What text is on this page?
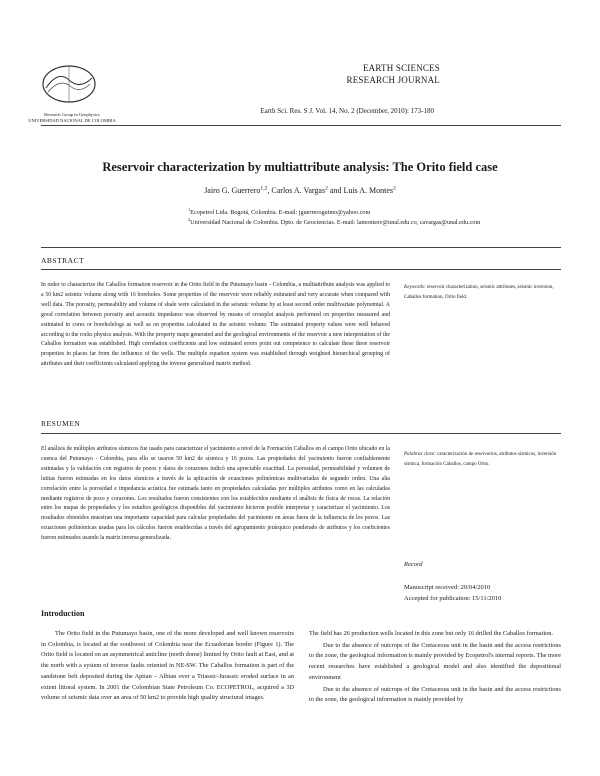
Research Group in Geophysics
UNIVERSIDAD NACIONAL DE COLOMBIA
EARTH SCIENCES
RESEARCH JOURNAL
Earth Sci. Res. S J. Vol. 14, No. 2 (December, 2010): 173-180
Reservoir characterization by multiattribute analysis: The Orito field case
Jairo G. Guerrero$^{1,2}$, Carlos A. Vargas$^2$ and Luis A. Montes$^2$
$^1$Ecopetrol Ltda. Bogotá, Colombia. E-mail: jguerreroguimo@yahoo.com
$^2$Universidad Nacional de Colombia. Dpto. de Geociencias. E-mail: lamontesv@unal.edu.co, cavargas@unal.edu.com
ABSTRACT
In order to characterize the Caballos formation reservoir in the Orito field in the Putumayo basin - Colombia, a multiattribute analysis was applied to a 50 km2 seismic volume along with 16 boreholes. Some properties of the reservoir were reliably estimated and very accurate when compared with well data. The porosity, permeability and volume of shale were calculated in the seismic volume by at least second order multivariate polynomial. A good correlation between porosity and acoustic impedance was observed by means of crossplot analysis performed on properties measured and estimated in cores or boreholelogs as well as on properties calculated in the seismic volume. The estimated property values were well behaved according to the rocks physics analysis. With the property maps generated and the geological environments of the reservoir a new interpretation of the Caballos formation was established. High correlation coefficients and low estimated errors point out competence to calculate these three reservoir properties in places far from the influence of the wells. The multiple equation system was established through weighted hierarchical grouping of attributes and their coefficients calculated applying the inverse generalized matrix method.
Keywords: reservoir characterization, seismic attributes, seismic inversion, Caballos formation, Orito field.
RESUMEN
El análisis de múltiples atributos sísmicos fue usado para caracterizar el yacimiento a nivel de la Formación Caballos en el campo Orito ubicado en la cuenca del Putumayo - Colombia, para ello se usaron 50 km2 de sísmica y 16 pozos. Las propiedades del yacimiento fueron confiablemente estimadas y la validación con registros de pozos y datos de corazones indicó una apreciable exactitud. La porosidad, permeabilidad y volumen de lutitas fueron estimadas en los datos sísmicos a través de la aplicación de ecuaciones polinómicas multivariadas de segundo orden. Una alta correlación entre la porosidad e impedancia acústica fue estimada tanto en propiedades calculadas por múltiples atributos como en las calculadas mediante registros de pozo y corazones. Los resultados fueron consistentes con los establecidos mediante el análisis de física de rocas. La relación entre los mapas de propiedades y los estudios geológicos disponibles del yacimiento hicieron posible interpretar y caracterizar el yacimiento. Los resultados obtenidos muestran una importante capacidad para calcular propiedades del yacimiento en áreas fuera de la influencia de los pozos. Las ecuaciones polinómicas usadas para los cálculos fueron establecidas a través del agrupamiento jerárquico ponderado de atributos y los coeficientes fueron estimados usando la matriz inversa generalizada.
Palabras clave: caracterización de reservorios, atributos sísmicos, inversión sísmica, formación Caballos, campo Orito.
Record
Manuscript received: 20/04/2010
Accepted for publication: 15/11/2010
Introduction

The Orito field in the Putumayo basin, one of the more developed and well known reservoirs in Colombia, is located at the southwest of Colombia near the Ecuadorian border (Figure 1). The Orito field is located on an asymmetrical anticline (north dome) limited by Orito fault at East, and at the north with a system of inverse faults oriented in NE-SW. The Caballos formation is part of the sandstone belt deposited during the Aptian – Albian over a Triassic-Jurassic eroded surface in an extent littoral system. In 2001 the Colombian State Petroleum Co. ECOPETROL, acquired a 3D volume of seismic data over an area of 50 km2 to provide high quality structural images.

The field has 26 production wells located in this zone but only 16 drilled the Caballos formation.

Due to the absence of outcrops of the Cretaceous unit in the basin and the access restrictions to the zone, the geological information is mainly provided by Ecopetrol's internal reports. The more recent researches have established a geological model and also identified the depositional environment

Due to the absence of outcrops of the Cretaceous unit in the basin and the access restrictions to the zone, the geological information is mainly provided by
